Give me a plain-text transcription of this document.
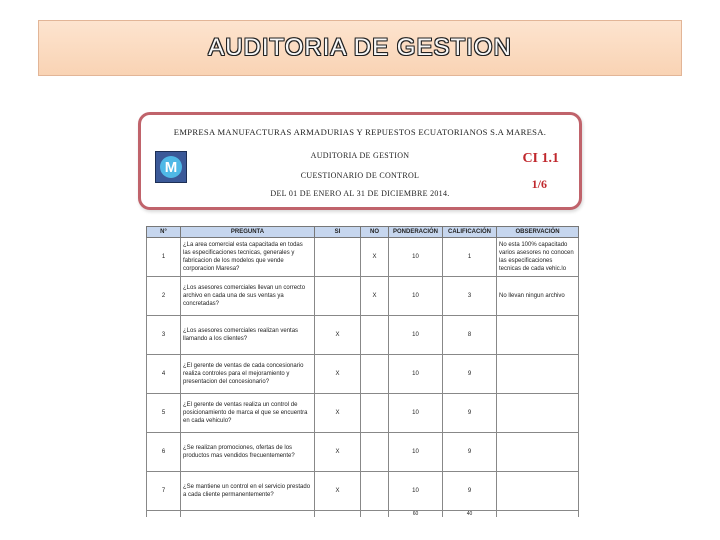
AUDITORIA DE GESTION
EMPRESA MANUFACTURAS ARMADURIAS Y REPUESTOS ECUATORIANOS S.A MARESA.
M
AUDITORIA DE GESTION
CUESTIONARIO DE CONTROL
DEL 01 DE ENERO AL 31 DE DICIEMBRE 2014.
CI 1.1
1/6
N°	PREGUNTA	SI	NO	PONDERACIÓN	CALIFICACIÓN	OBSERVACIÓN
1	¿La area comercial esta capacitada en todas las especificaciones tecnicas, generales y fabricacion de los modelos que vende corporacion Maresa?		X	10	1	No esta 100% capacitado varios asesores no conocen las especificaciones tecnicas de cada vehic.lo
2	¿Los asesores comerciales llevan un correcto archivo en cada una de sus ventas ya concretadas?		X	10	3	No llevan ningun archivo
3	¿Los asesores comerciales realizan ventas llamando a los clientes?	X		10	8	
4	¿El gerente de ventas de cada concesionario realiza controles para el mejoramiento y presentacion del concesionario?	X		10	9	
5	¿El gerente de ventas realiza un control de posicionamiento de marca el que se encuentra en cada vehiculo?	X		10	9	
6	¿Se realizan promociones, ofertas de los productos mas vendidos frecuentemente?	X		10	9	
7	¿Se mantiene un control en el servicio prestado a cada cliente permanentemente?	X		10	9	
				60	40	
